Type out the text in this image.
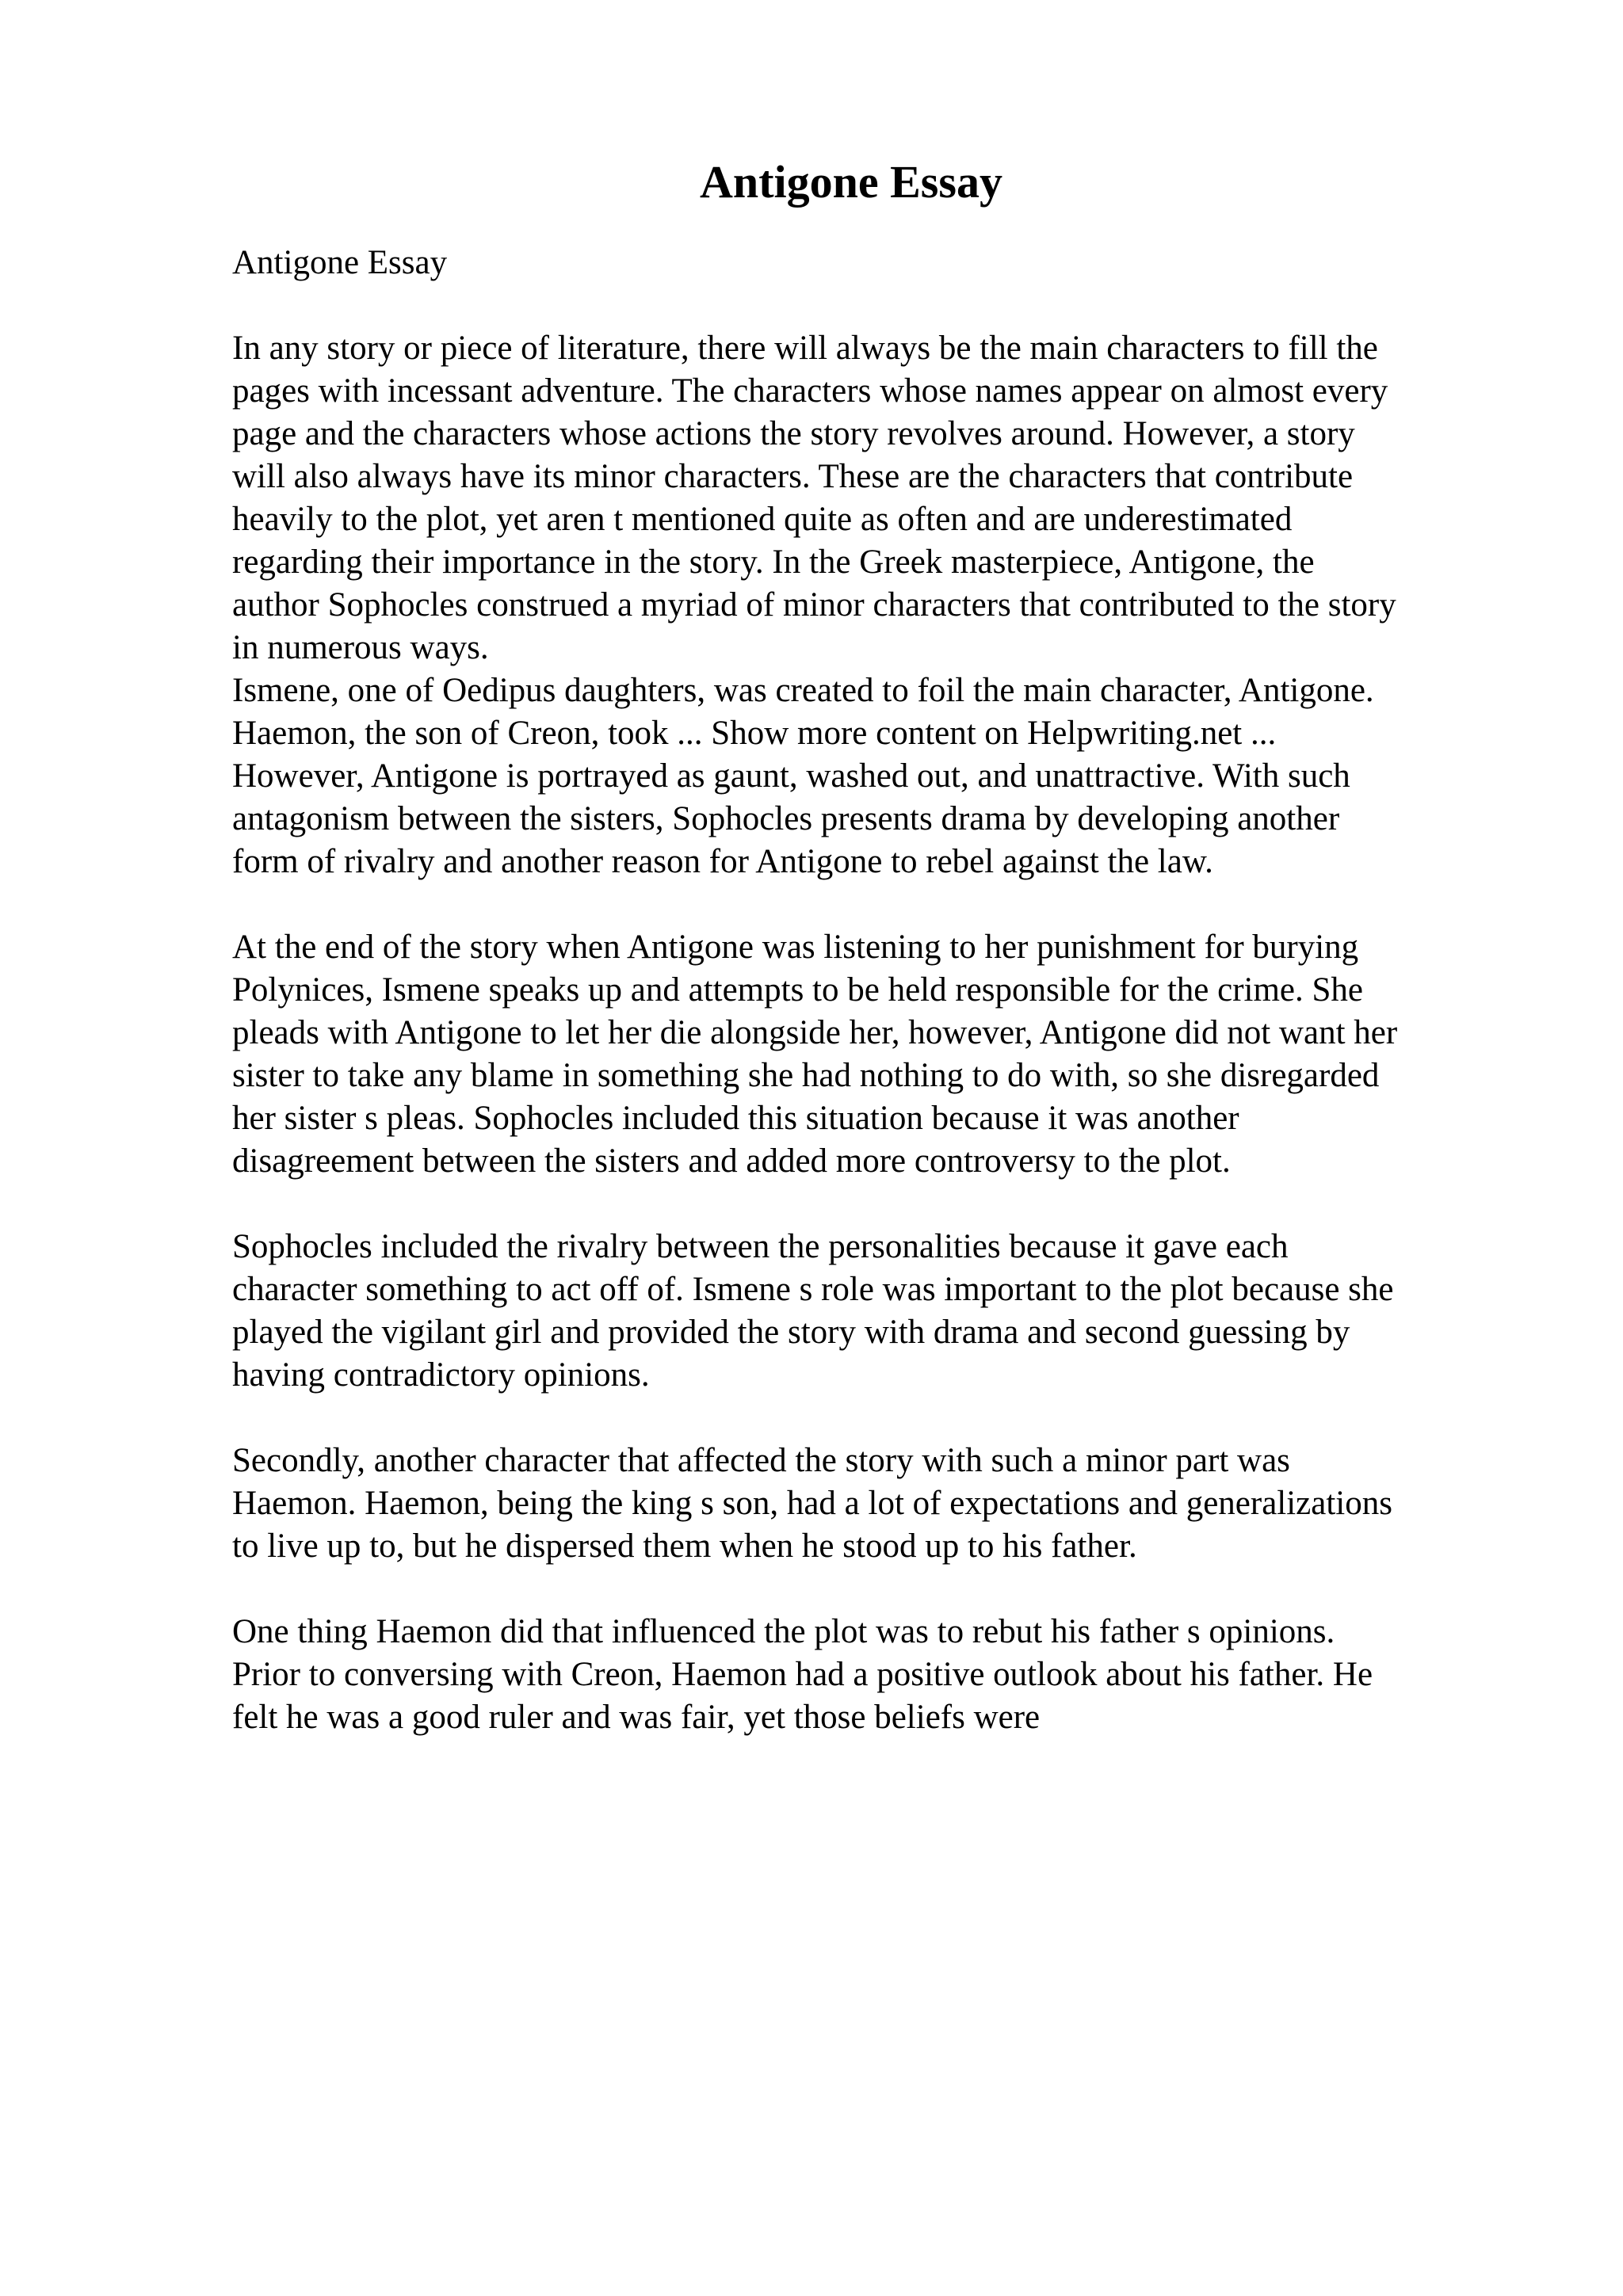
Antigone Essay

Antigone Essay

In any story or piece of literature, there will always be the main characters to fill the
pages with incessant adventure. The characters whose names appear on almost every
page and the characters whose actions the story revolves around. However, a story
will also always have its minor characters. These are the characters that contribute
heavily to the plot, yet aren t mentioned quite as often and are underestimated
regarding their importance in the story. In the Greek masterpiece, Antigone, the
author Sophocles construed a myriad of minor characters that contributed to the story
in numerous ways.
Ismene, one of Oedipus daughters, was created to foil the main character, Antigone.
Haemon, the son of Creon, took ... Show more content on Helpwriting.net ...
However, Antigone is portrayed as gaunt, washed out, and unattractive. With such
antagonism between the sisters, Sophocles presents drama by developing another
form of rivalry and another reason for Antigone to rebel against the law.
At the end of the story when Antigone was listening to her punishment for burying
Polynices, Ismene speaks up and attempts to be held responsible for the crime. She
pleads with Antigone to let her die alongside her, however, Antigone did not want her
sister to take any blame in something she had nothing to do with, so she disregarded
her sister s pleas. Sophocles included this situation because it was another
disagreement between the sisters and added more controversy to the plot.
Sophocles included the rivalry between the personalities because it gave each
character something to act off of. Ismene s role was important to the plot because she
played the vigilant girl and provided the story with drama and second guessing by
having contradictory opinions.
Secondly, another character that affected the story with such a minor part was
Haemon. Haemon, being the king s son, had a lot of expectations and generalizations
to live up to, but he dispersed them when he stood up to his father.
One thing Haemon did that influenced the plot was to rebut his father s opinions.
Prior to conversing with Creon, Haemon had a positive outlook about his father. He
felt he was a good ruler and was fair, yet those beliefs were
